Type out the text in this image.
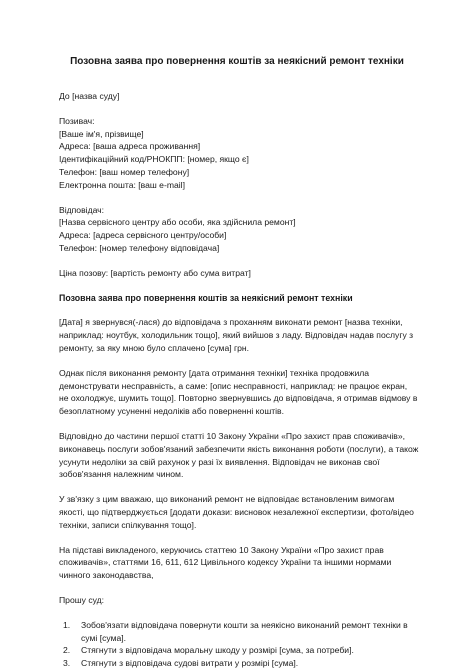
Позовна заява про повернення коштів за неякісний ремонт техніки

До [назва суду]

Позивач:

[Ваше ім'я, прізвище]

Адреса: [ваша адреса проживання]

Ідентифікаційний код/РНОКПП: [номер, якщо є]

Телефон: [ваш номер телефону]

Електронна пошта: [ваш e-mail]

Відповідач:

[Назва сервісного центру або особи, яка здійснила ремонт]

Адреса: [адреса сервісного центру/особи]

Телефон: [номер телефону відповідача]

Ціна позову: [вартість ремонту або сума витрат]

Позовна заява про повернення коштів за неякісний ремонт техніки

[Дата] я звернувся(-лася) до відповідача з проханням виконати ремонт [назва техніки, наприклад: ноутбук, холодильник тощо], який вийшов з ладу. Відповідач надав послугу з ремонту, за яку мною було сплачено [сума] грн.

Однак після виконання ремонту [дата отримання техніки] техніка продовжила демонструвати несправність, а саме: [опис несправності, наприклад: не працює екран, не охолоджує, шумить тощо]. Повторно звернувшись до відповідача, я отримав відмову в безоплатному усуненні недоліків або поверненні коштів.

Відповідно до частини першої статті 10 Закону України «Про захист прав споживачів», виконавець послуги зобов'язаний забезпечити якість виконання роботи (послуги), а також усунути недоліки за свій рахунок у разі їх виявлення. Відповідач не виконав свої зобов'язання належним чином.

У зв'язку з цим вважаю, що виконаний ремонт не відповідає встановленим вимогам якості, що підтверджується [додати докази: висновок незалежної експертизи, фото/відео техніки, записи спілкування тощо].

На підставі викладеного, керуючись статтею 10 Закону України «Про захист прав споживачів», статтями 16, 611, 612 Цивільного кодексу України та іншими нормами чинного законодавства,

Прошу суд:

1. Зобов'язати відповідача повернути кошти за неякісно виконаний ремонт техніки в сумі [сума].
2. Стягнути з відповідача моральну шкоду у розмірі [сума, за потреби].
3. Стягнути з відповідача судові витрати у розмірі [сума].
